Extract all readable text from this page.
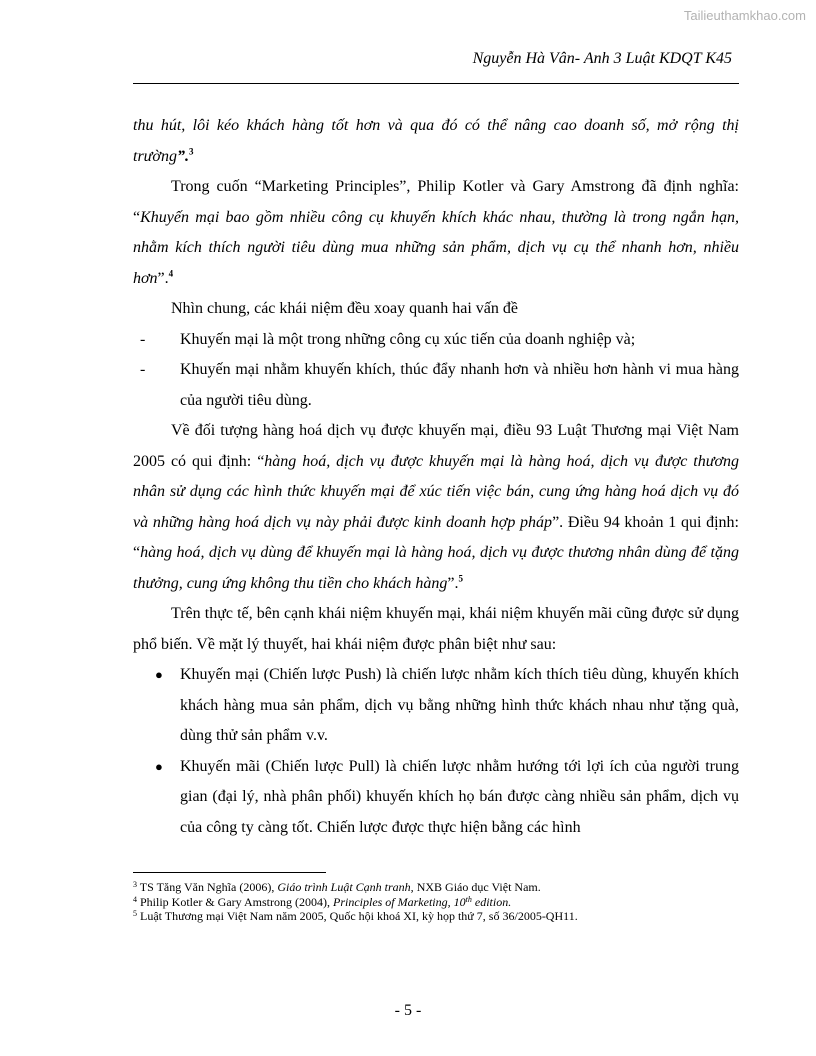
Tailieuthamkhao.com
Nguyễn Hà Vân- Anh 3 Luật KDQT K45

thu hút, lôi kéo khách hàng tốt hơn và qua đó có thể nâng cao doanh số, mở rộng thị trường”.$^3$

Trong cuốn “Marketing Principles”, Philip Kotler và Gary Amstrong đã định nghĩa: “Khuyến mại bao gồm nhiều công cụ khuyến khích khác nhau, thường là trong ngắn hạn, nhằm kích thích người tiêu dùng mua những sản phẩm, dịch vụ cụ thể nhanh hơn, nhiều hơn”.$^4$

Nhìn chung, các khái niệm đều xoay quanh hai vấn đề

- Khuyến mại là một trong những công cụ xúc tiến của doanh nghiệp và;
- Khuyến mại nhằm khuyến khích, thúc đẩy nhanh hơn và nhiều hơn hành vi mua hàng của người tiêu dùng.

Về đối tượng hàng hoá dịch vụ được khuyến mại, điều 93 Luật Thương mại Việt Nam 2005 có qui định: “hàng hoá, dịch vụ được khuyến mại là hàng hoá, dịch vụ được thương nhân sử dụng các hình thức khuyến mại để xúc tiến việc bán, cung ứng hàng hoá dịch vụ đó và những hàng hoá dịch vụ này phải được kinh doanh hợp pháp”. Điều 94 khoản 1 qui định: “hàng hoá, dịch vụ dùng để khuyến mại là hàng hoá, dịch vụ được thương nhân dùng để tặng thưởng, cung ứng không thu tiền cho khách hàng”.$^5$

Trên thực tế, bên cạnh khái niệm khuyến mại, khái niệm khuyến mãi cũng được sử dụng phổ biến. Về mặt lý thuyết, hai khái niệm được phân biệt như sau:

● Khuyến mại (Chiến lược Push) là chiến lược nhằm kích thích tiêu dùng, khuyến khích khách hàng mua sản phẩm, dịch vụ bằng những hình thức khách nhau như tặng quà, dùng thử sản phẩm v.v.
● Khuyến mãi (Chiến lược Pull) là chiến lược nhằm hướng tới lợi ích của người trung gian (đại lý, nhà phân phối) khuyến khích họ bán được càng nhiều sản phẩm, dịch vụ của công ty càng tốt. Chiến lược được thực hiện bằng các hình

$^3$ TS Tăng Văn Nghĩa (2006), Giáo trình Luật Cạnh tranh, NXB Giáo dục Việt Nam.

$^4$ Philip Kotler & Gary Amstrong (2004), Principles of Marketing, 10th edition.

$^5$ Luật Thương mại Việt Nam năm 2005, Quốc hội khoá XI, kỳ họp thứ 7, số 36/2005-QH11.

- 5 -
